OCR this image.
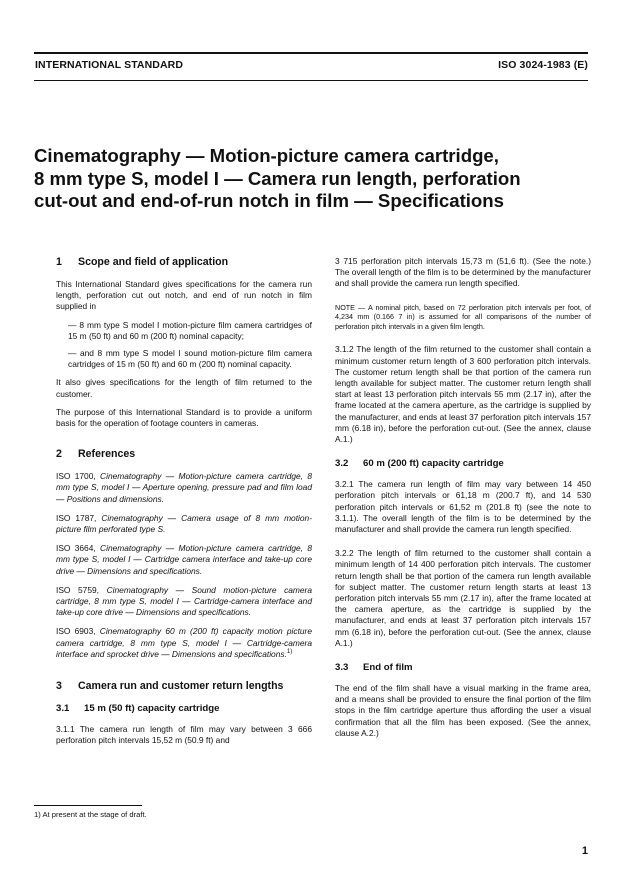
INTERNATIONAL STANDARD	ISO 3024-1983 (E)
Cinematography — Motion-picture camera cartridge,
8 mm type S, model I — Camera run length, perforation
cut-out and end-of-run notch in film — Specifications
1 Scope and field of application

This International Standard gives specifications for the camera run length, perforation cut out notch, and end of run notch in film supplied in

— 8 mm type S model I motion-picture film camera cartridges of 15 m (50 ft) and 60 m (200 ft) nominal capacity;
— and 8 mm type S model I sound motion-picture film camera cartridges of 15 m (50 ft) and 60 m (200 ft) nominal capacity.

It also gives specifications for the length of film returned to the customer.

The purpose of this International Standard is to provide a uniform basis for the operation of footage counters in cameras.

2 References
ISO 1700, Cinematography — Motion-picture camera cartridge, 8 mm type S, model I — Aperture opening, pressure pad and film load — Positions and dimensions.
ISO 1787, Cinematography — Camera usage of 8 mm motion-picture film perforated type S.
ISO 3664, Cinematography — Motion-picture camera cartridge, 8 mm type S, model I — Cartridge camera interface and take-up core drive — Dimensions and specifications.
ISO 5759, Cinematography — Sound motion-picture camera cartridge, 8 mm type S, model I — Cartridge-camera interface and take-up core drive — Dimensions and specifications.
ISO 6903, Cinematography 60 m (200 ft) capacity motion picture camera cartridge, 8 mm type S, model I — Cartridge-camera interface and sprocket drive — Dimensions and specifications.$^{1)}$
3 Camera run and customer return lengths
3.1 15 m (50 ft) capacity cartridge

3.1.1 The camera run length of film may vary between 3 666 perforation pitch intervals 15,52 m (50.9 ft) and

3 715 perforation pitch intervals 15,73 m (51,6 ft). (See the note.) The overall length of the film is to be determined by the manufacturer and shall provide the camera run length specified.

NOTE — A nominal pitch, based on 72 perforation pitch intervals per foot, of 4,234 mm (0.166 7 in) is assumed for all comparisons of the number of perforation pitch intervals in a given film length.

3.1.2 The length of the film returned to the customer shall contain a minimum customer return length of 3 600 perforation pitch intervals. The customer return length shall be that portion of the camera run length available for subject matter. The customer return length shall start at least 13 perforation pitch intervals 55 mm (2.17 in), after the frame located at the camera aperture, as the cartridge is supplied by the manufacturer, and ends at least 37 perforation pitch intervals 157 mm (6.18 in), before the perforation cut-out. (See the annex, clause A.1.)

3.2 60 m (200 ft) capacity cartridge

3.2.1 The camera run length of film may vary between 14 450 perforation pitch intervals or 61,18 m (200.7 ft), and 14 530 perforation pitch intervals or 61,52 m (201.8 ft) (see the note to 3.1.1). The overall length of the film is to be determined by the manufacturer and shall provide the camera run length specified.

3.2.2 The length of film returned to the customer shall contain a minimum length of 14 400 perforation pitch intervals. The customer return length shall be that portion of the camera run length available for subject matter. The customer return length starts at least 13 perforation pitch intervals 55 mm (2.17 in), after the frame located at the camera aperture, as the cartridge is supplied by the manufacturer, and ends at least 37 perforation pitch intervals 157 mm (6.18 in), before the perforation cut-out. (See the annex, clause A.1.)

3.3 End of film

The end of the film shall have a visual marking in the frame area, and a means shall be provided to ensure the final portion of the film stops in the film cartridge aperture thus affording the user a visual confirmation that all the film has been exposed. (See the annex, clause A.2.)

1) At present at the stage of draft.
1
